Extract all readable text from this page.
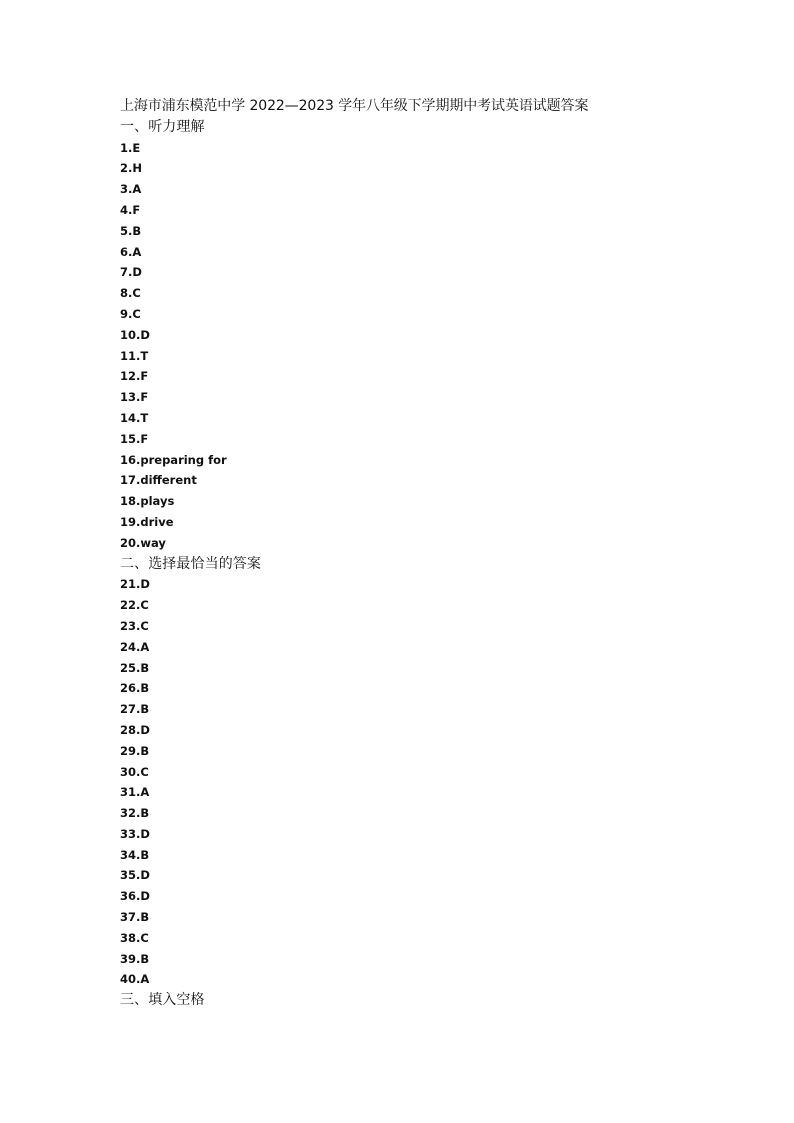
上海市浦东模范中学 2022—2023 学年八年级下学期期中考试英语试题答案
一、听力理解
1.E
2.H
3.A
4.F
5.B
6.A
7.D
8.C
9.C
10.D
11.T
12.F
13.F
14.T
15.F
16.preparing for
17.different
18.plays
19.drive
20.way
二、选择最恰当的答案
21.D
22.C
23.C
24.A
25.B
26.B
27.B
28.D
29.B
30.C
31.A
32.B
33.D
34.B
35.D
36.D
37.B
38.C
39.B
40.A
三、填入空格
